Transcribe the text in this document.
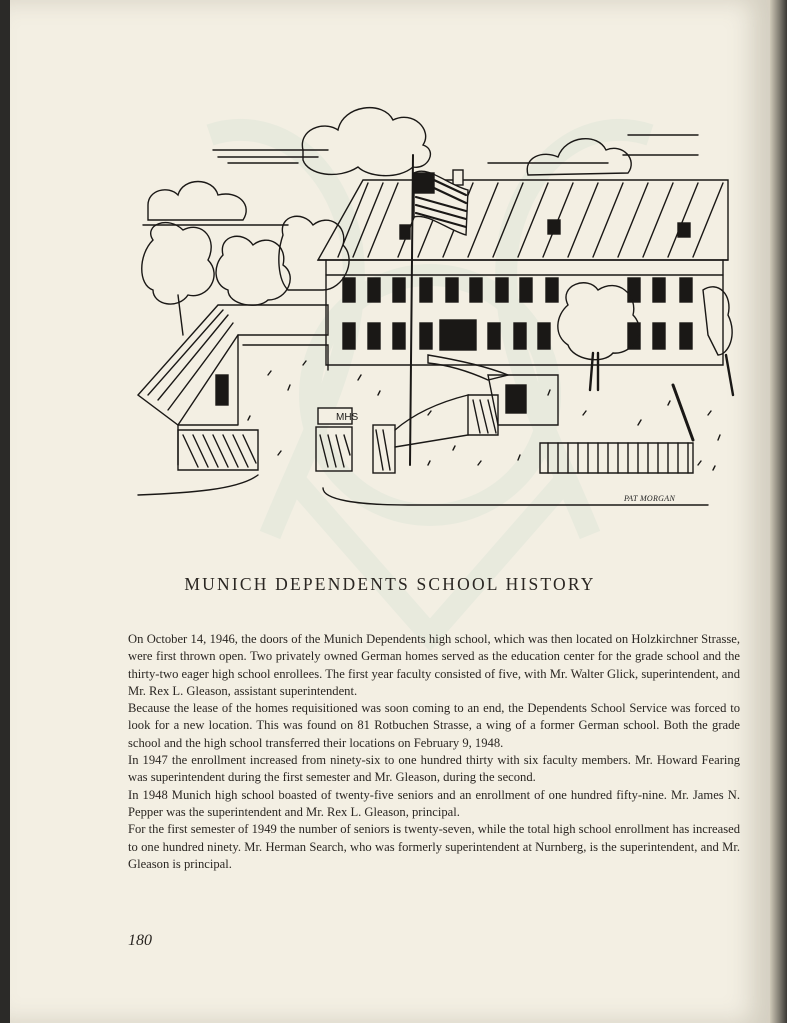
MHS
PAT MORGAN
MUNICH DEPENDENTS SCHOOL HISTORY

On October 14, 1946, the doors of the Munich Dependents high school, which was then located on Holzkirchner Strasse, were first thrown open. Two privately owned German homes served as the education center for the grade school and the thirty-two eager high school enrollees. The first year faculty consisted of five, with Mr. Walter Glick, superintendent, and Mr. Rex L. Gleason, assistant superintendent.

Because the lease of the homes requisitioned was soon coming to an end, the Dependents School Service was forced to look for a new location. This was found on 81 Rotbuchen Strasse, a wing of a former German school. Both the grade school and the high school transferred their locations on February 9, 1948.

In 1947 the enrollment increased from ninety-six to one hundred thirty with six faculty members. Mr. Howard Fearing was superintendent during the first semester and Mr. Gleason, during the second.

In 1948 Munich high school boasted of twenty-five seniors and an enrollment of one hundred fifty-nine. Mr. James N. Pepper was the superintendent and Mr. Rex L. Gleason, principal.

For the first semester of 1949 the number of seniors is twenty-seven, while the total high school enrollment has increased to one hundred ninety. Mr. Herman Search, who was formerly superintendent at Nurnberg, is the superintendent, and Mr. Gleason is principal.

180
